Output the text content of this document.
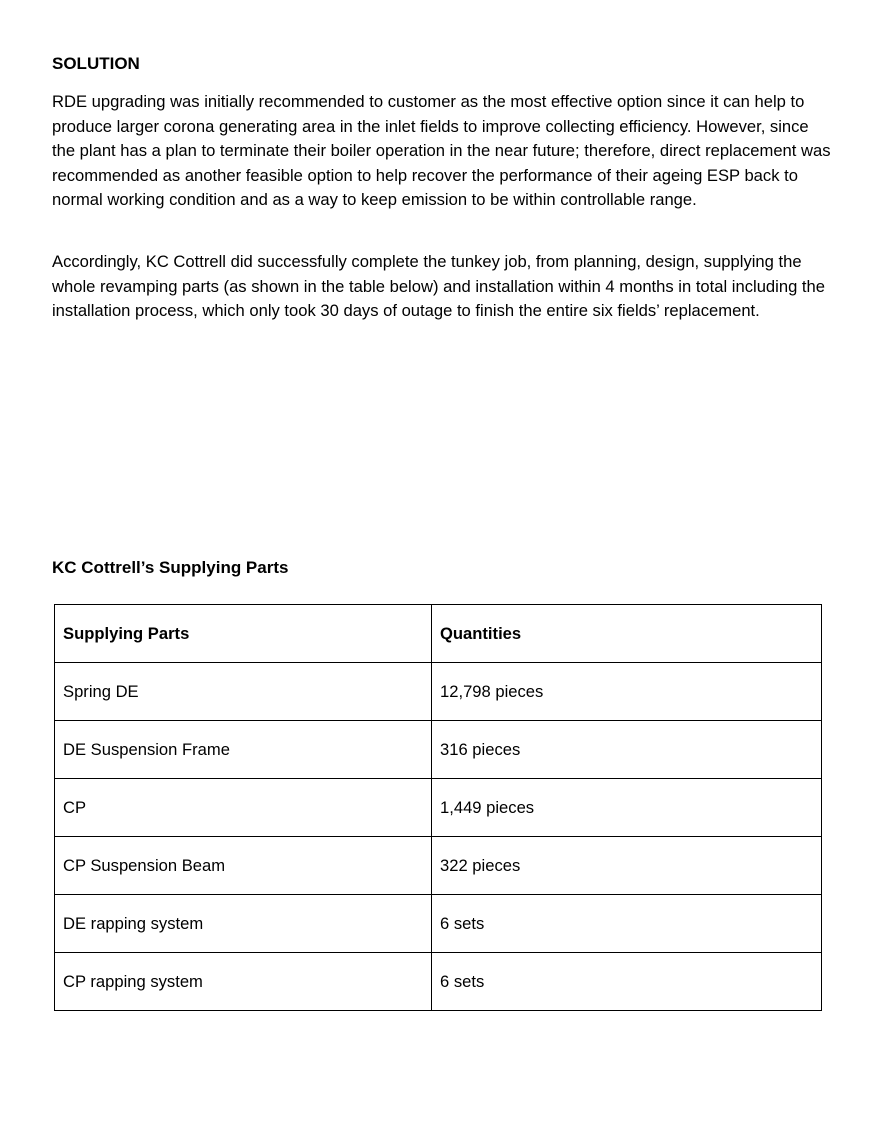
SOLUTION

RDE upgrading was initially recommended to customer as the most effective option since it can help to produce larger corona generating area in the inlet fields to improve collecting efficiency. However, since the plant has a plan to terminate their boiler operation in the near future; therefore, direct replacement was recommended as another feasible option to help recover the performance of their ageing ESP back to normal working condition and as a way to keep emission to be within controllable range.

Accordingly, KC Cottrell did successfully complete the tunkey job, from planning, design, supplying the whole revamping parts (as shown in the table below) and installation within 4 months in total including the installation process, which only took 30 days of outage to finish the entire six fields’ replacement.

KC Cottrell’s Supplying Parts
Supplying Parts	Quantities
Spring DE	12,798 pieces
DE Suspension Frame	316 pieces
CP	1,449 pieces
CP Suspension Beam	322 pieces
DE rapping system	6 sets
CP rapping system	6 sets
